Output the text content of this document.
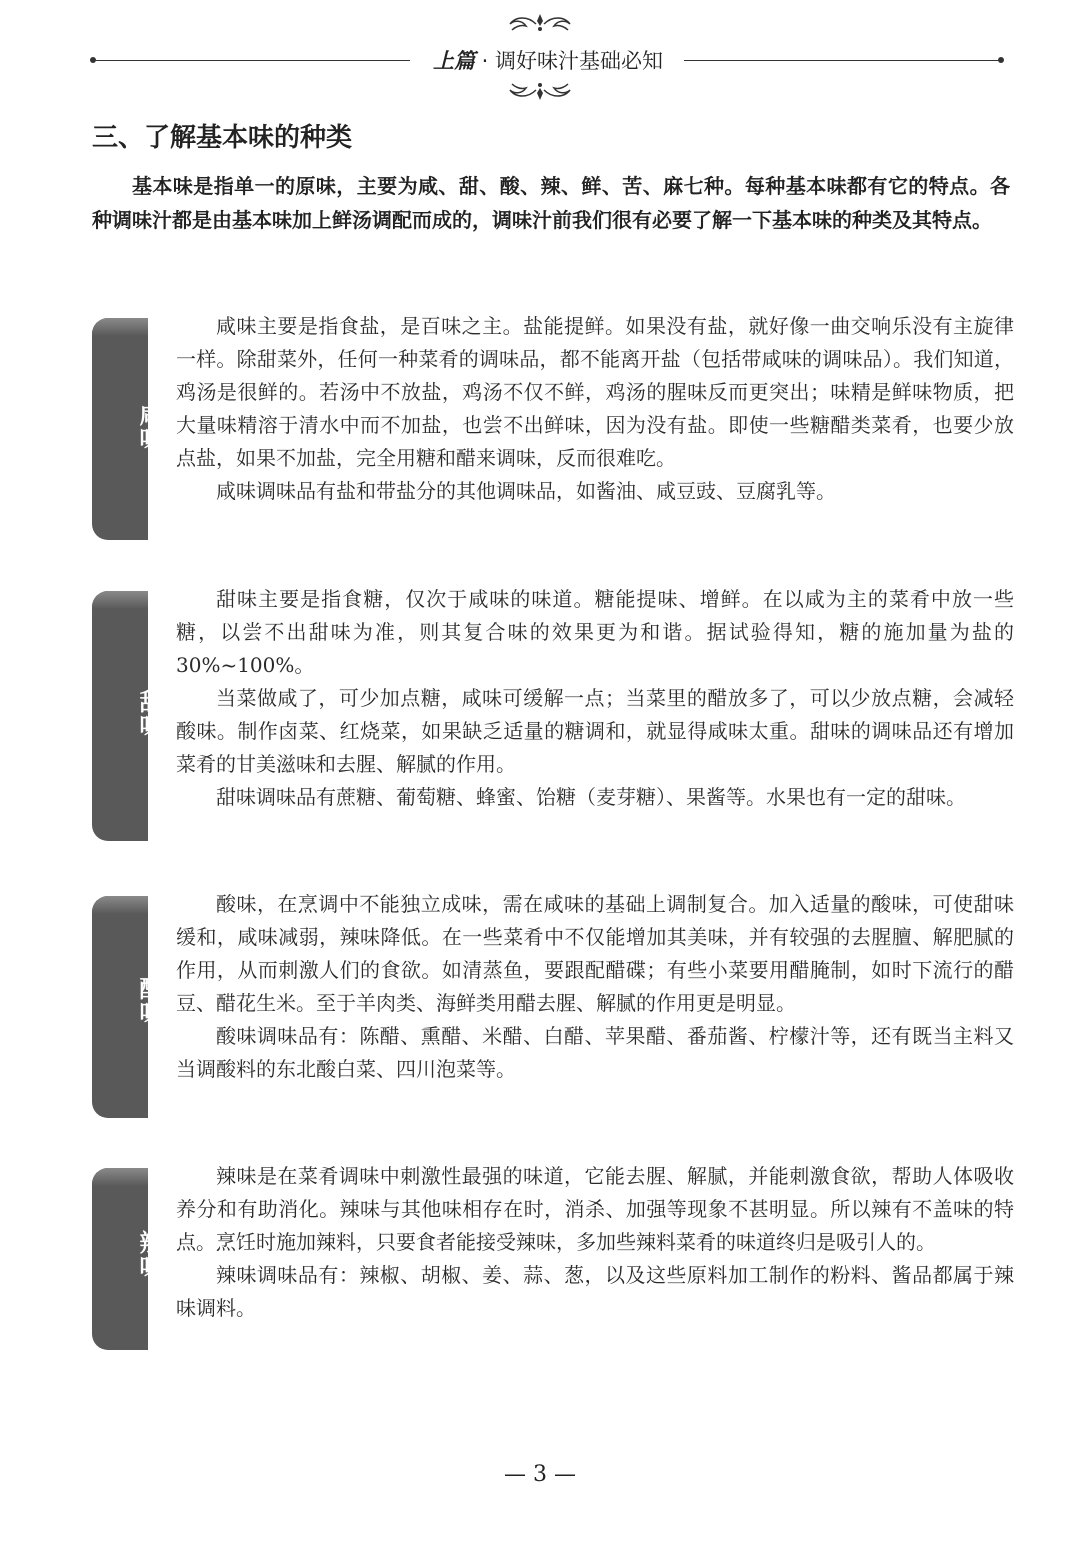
上篇 · 调好味汁基础必知
三、了解基本味的种类

基本味是指单一的原味，主要为咸、甜、酸、辣、鲜、苦、麻七种。每种基本味都有它的特点。各种调味汁都是由基本味加上鲜汤调配而成的，调味汁前我们很有必要了解一下基本味的种类及其特点。

咸味

咸味主要是指食盐，是百味之主。盐能提鲜。如果没有盐，就好像一曲交响乐没有主旋律一样。除甜菜外，任何一种菜肴的调味品，都不能离开盐（包括带咸味的调味品）。我们知道，鸡汤是很鲜的。若汤中不放盐，鸡汤不仅不鲜，鸡汤的腥味反而更突出；味精是鲜味物质，把大量味精溶于清水中而不加盐，也尝不出鲜味，因为没有盐。即使一些糖醋类菜肴，也要少放点盐，如果不加盐，完全用糖和醋来调味，反而很难吃。

咸味调味品有盐和带盐分的其他调味品，如酱油、咸豆豉、豆腐乳等。

甜味

甜味主要是指食糖，仅次于咸味的味道。糖能提味、增鲜。在以咸为主的菜肴中放一些糖，以尝不出甜味为准，则其复合味的效果更为和谐。据试验得知，糖的施加量为盐的30%~100%。

当菜做咸了，可少加点糖，咸味可缓解一点；当菜里的醋放多了，可以少放点糖，会减轻酸味。制作卤菜、红烧菜，如果缺乏适量的糖调和，就显得咸味太重。甜味的调味品还有增加菜肴的甘美滋味和去腥、解腻的作用。

甜味调味品有蔗糖、葡萄糖、蜂蜜、饴糖（麦芽糖）、果酱等。水果也有一定的甜味。

酸味

酸味，在烹调中不能独立成味，需在咸味的基础上调制复合。加入适量的酸味，可使甜味缓和，咸味减弱，辣味降低。在一些菜肴中不仅能增加其美味，并有较强的去腥膻、解肥腻的作用，从而刺激人们的食欲。如清蒸鱼，要跟配醋碟；有些小菜要用醋腌制，如时下流行的醋豆、醋花生米。至于羊肉类、海鲜类用醋去腥、解腻的作用更是明显。

酸味调味品有：陈醋、熏醋、米醋、白醋、苹果醋、番茄酱、柠檬汁等，还有既当主料又当调酸料的东北酸白菜、四川泡菜等。

辣味

辣味是在菜肴调味中刺激性最强的味道，它能去腥、解腻，并能刺激食欲，帮助人体吸收养分和有助消化。辣味与其他味相存在时，消杀、加强等现象不甚明显。所以辣有不盖味的特点。烹饪时施加辣料，只要食者能接受辣味，多加些辣料菜肴的味道终归是吸引人的。

辣味调味品有：辣椒、胡椒、姜、蒜、葱，以及这些原料加工制作的粉料、酱品都属于辣味调料。

— 3 —
